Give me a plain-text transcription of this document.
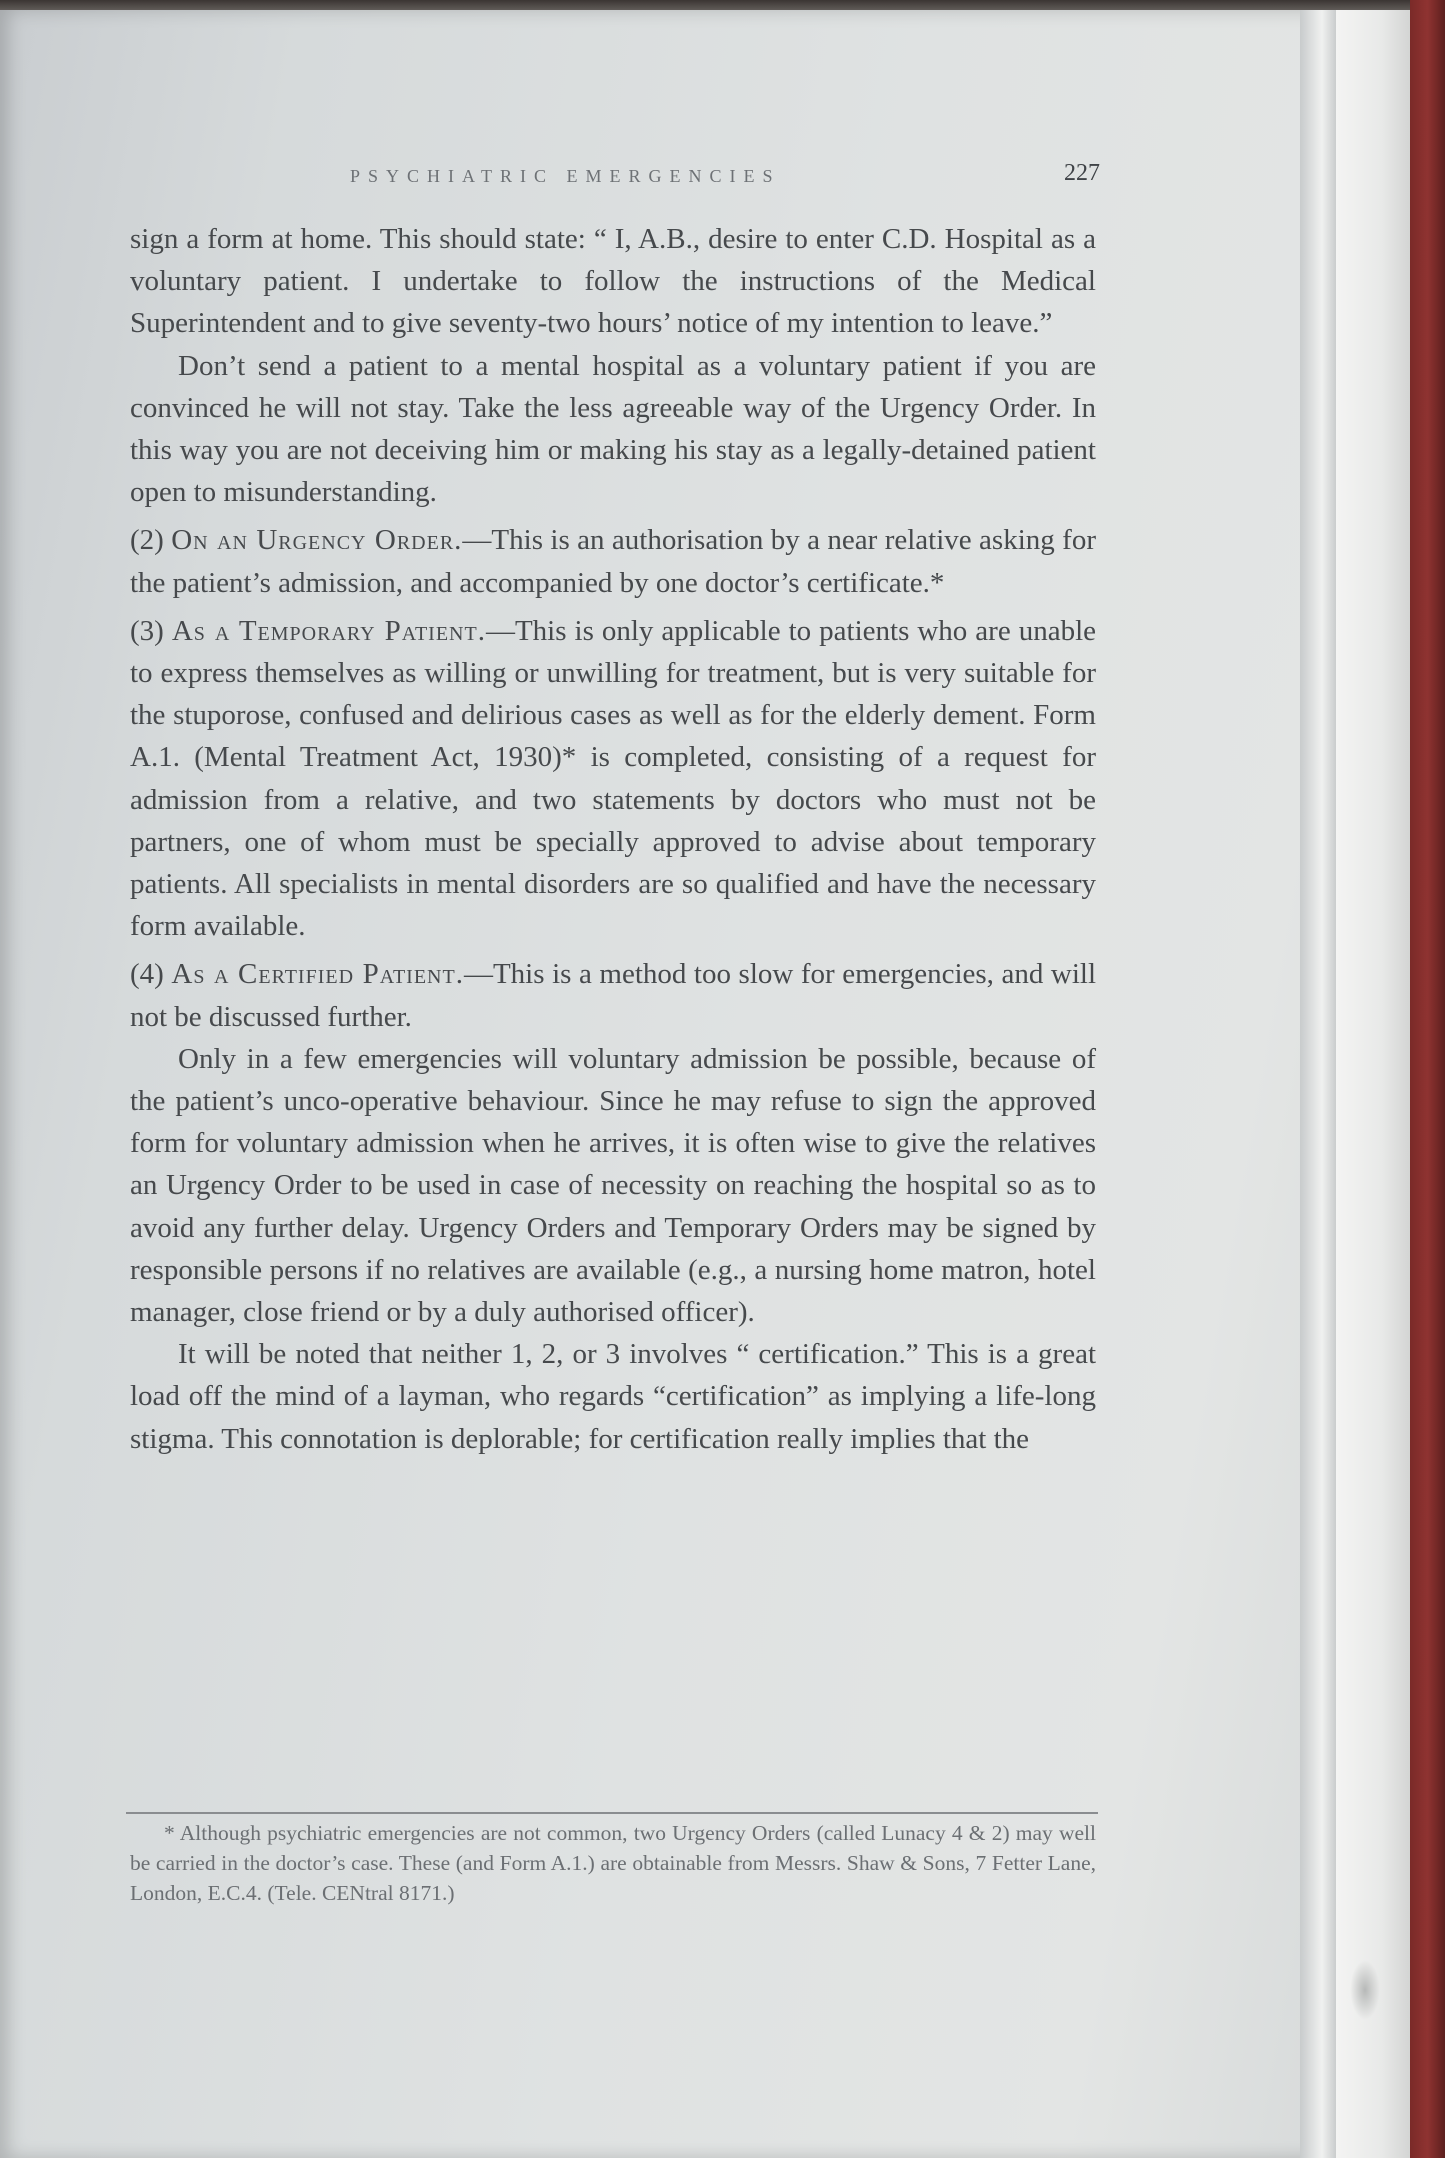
PSYCHIATRIC EMERGENCIES	227

sign a form at home. This should state: “ I, A.B., desire to enter C.D. Hospital as a voluntary patient. I undertake to follow the instructions of the Medical Superintendent and to give seventy-two hours’ notice of my intention to leave.”

Don’t send a patient to a mental hospital as a voluntary patient if you are convinced he will not stay. Take the less agreeable way of the Urgency Order. In this way you are not deceiving him or making his stay as a legally-detained patient open to misunderstanding.

(2) On an Urgency Order.—This is an authorisation by a near relative asking for the patient’s admission, and accompanied by one doctor’s certificate.*

(3) As a Temporary Patient.—This is only applicable to patients who are unable to express themselves as willing or unwilling for treatment, but is very suitable for the stuporose, confused and delirious cases as well as for the elderly dement. Form A.1. (Mental Treatment Act, 1930)* is completed, consisting of a request for admission from a relative, and two statements by doctors who must not be partners, one of whom must be specially approved to advise about temporary patients. All specialists in mental disorders are so qualified and have the necessary form available.

(4) As a Certified Patient.—This is a method too slow for emergencies, and will not be discussed further.

Only in a few emergencies will voluntary admission be possible, because of the patient’s unco-operative behaviour. Since he may refuse to sign the approved form for voluntary admission when he arrives, it is often wise to give the relatives an Urgency Order to be used in case of necessity on reaching the hospital so as to avoid any further delay. Urgency Orders and Temporary Orders may be signed by responsible persons if no relatives are available (e.g., a nursing home matron, hotel manager, close friend or by a duly authorised officer).

It will be noted that neither 1, 2, or 3 involves “ certification.” This is a great load off the mind of a layman, who regards “certification” as implying a life-long stigma. This connotation is deplorable; for certification really implies that the

* Although psychiatric emergencies are not common, two Urgency Orders (called Lunacy 4 & 2) may well be carried in the doctor’s case. These (and Form A.1.) are obtainable from Messrs. Shaw & Sons, 7 Fetter Lane, London, E.C.4. (Tele. CENtral 8171.)
